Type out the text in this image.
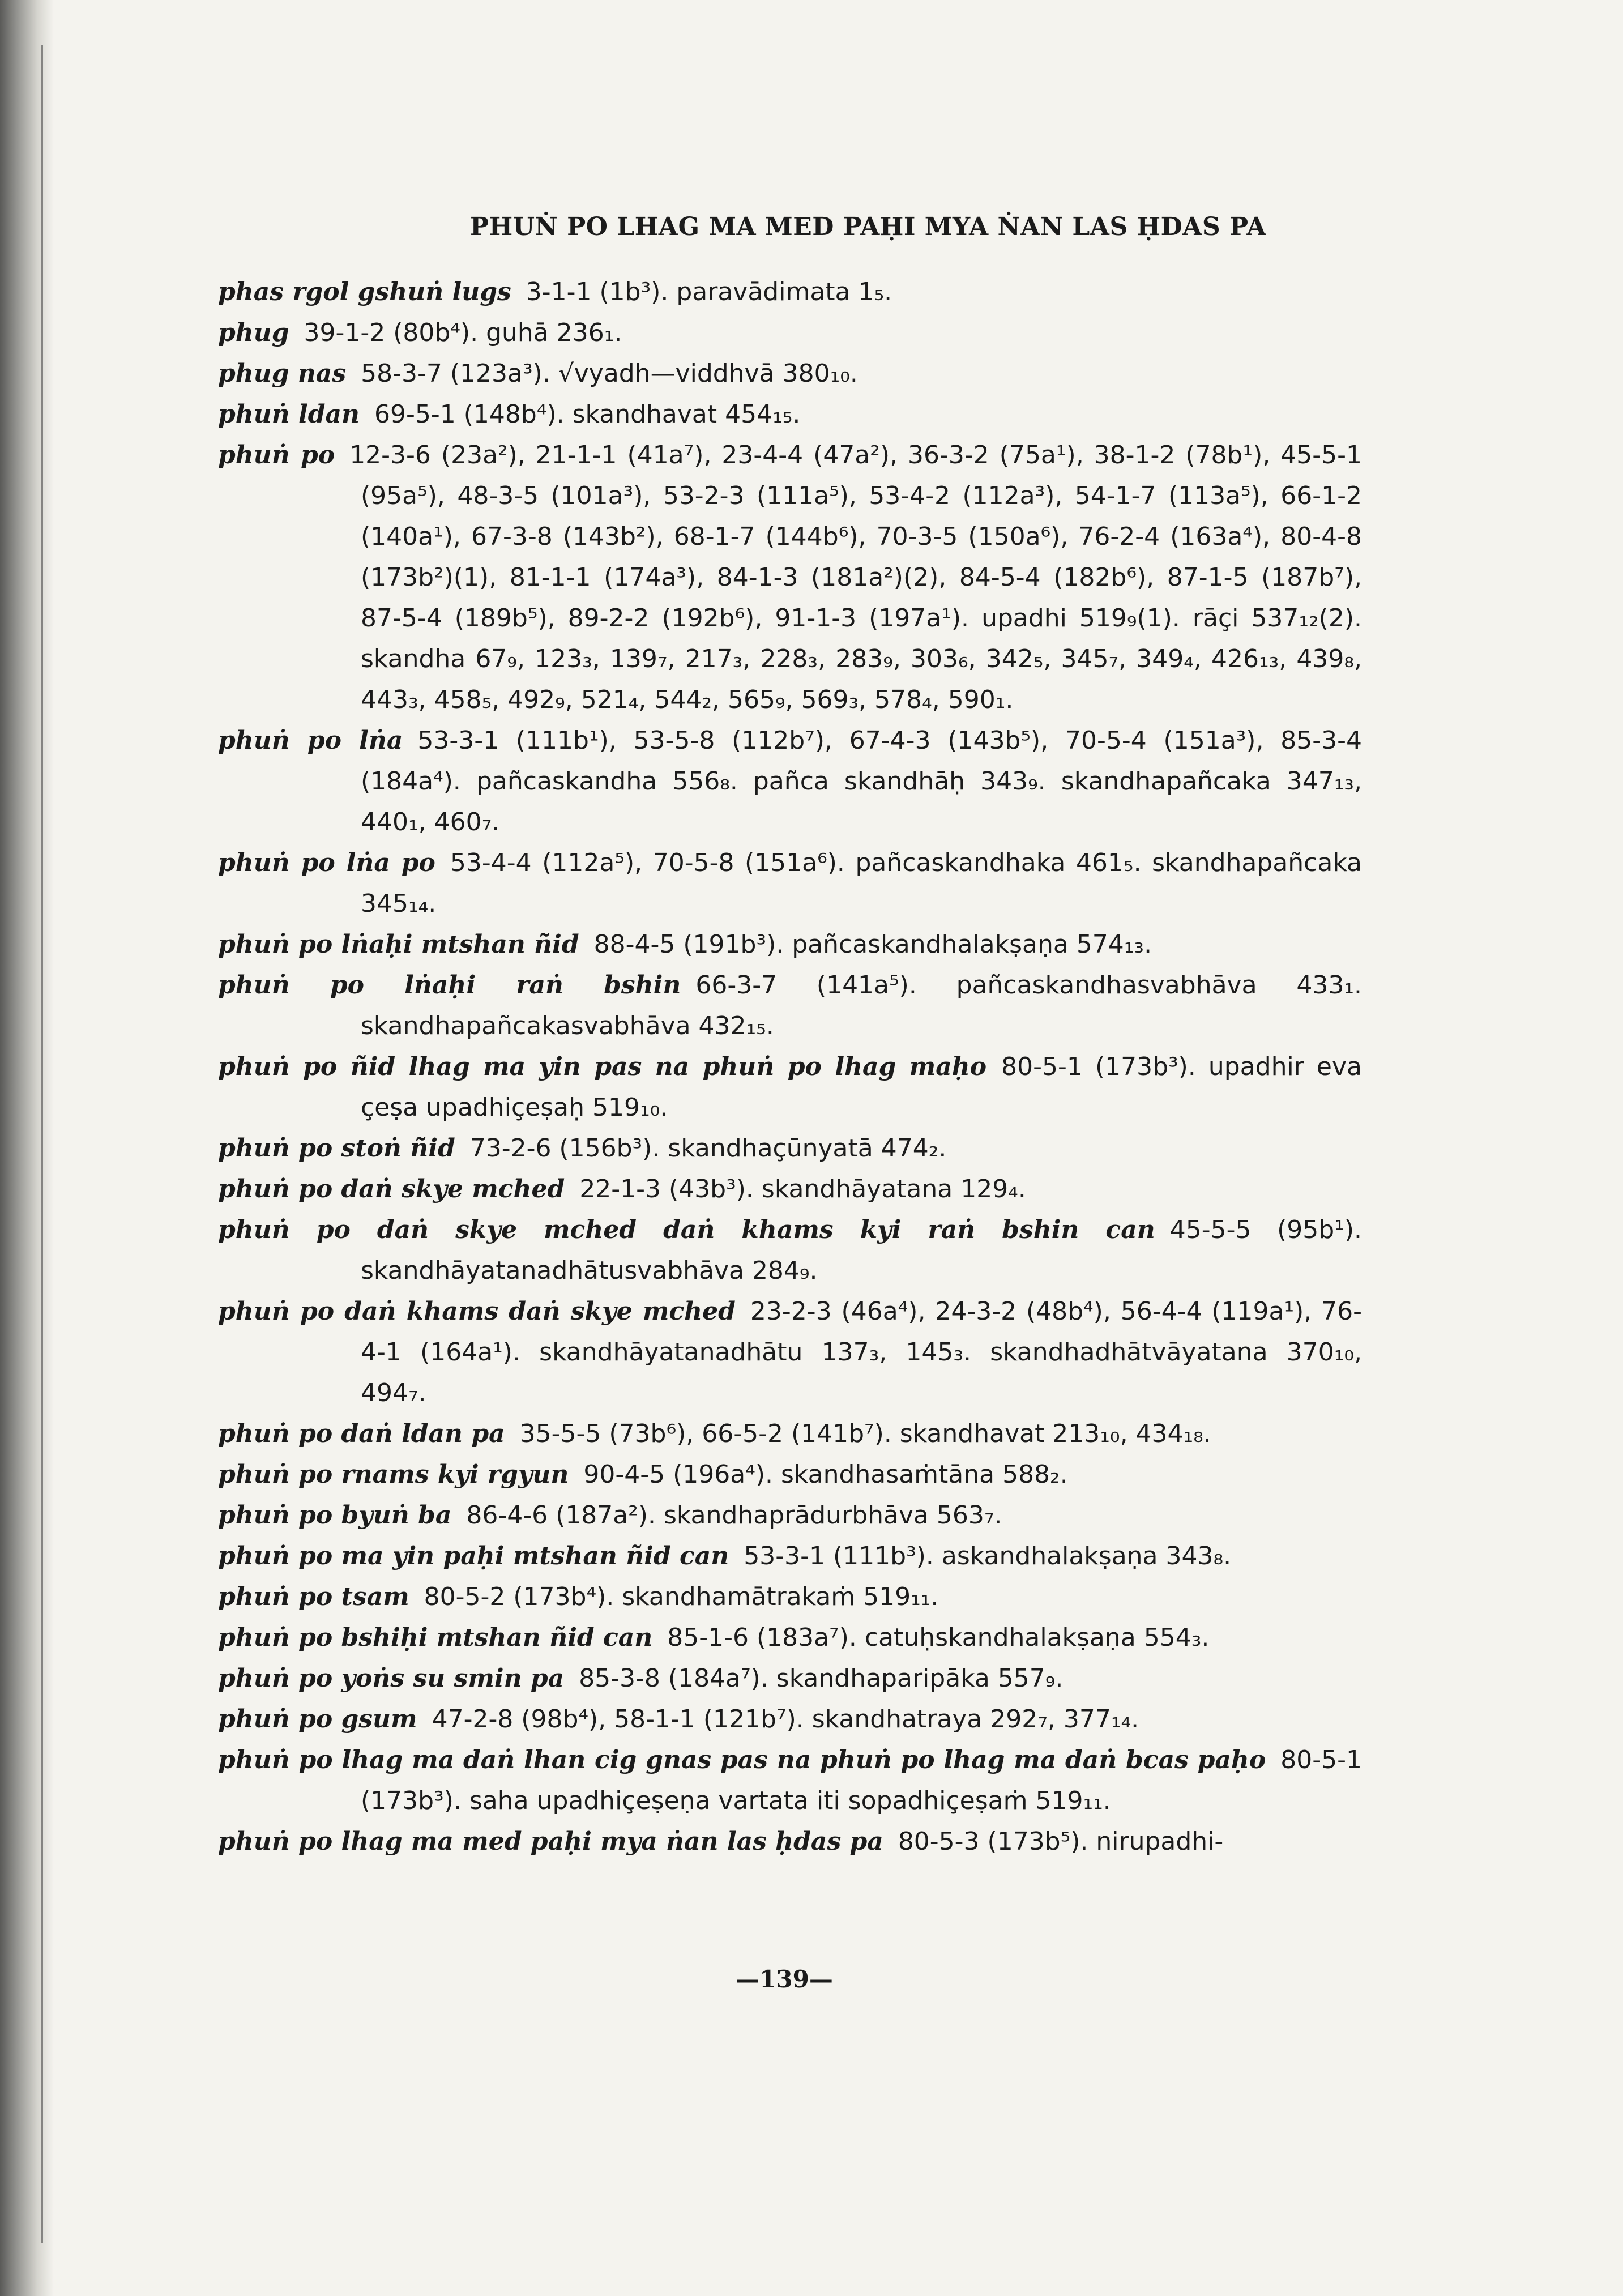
PHUṄ PO LHAG MA MED PAḤI MYA ṄAN LAS ḤDAS PA

phas rgol gshuṅ lugs 3-1-1 (1b³). paravādimata 1₅.

phug 39-1-2 (80b⁴). guhā 236₁.

phug nas 58-3-7 (123a³). √vyadh—viddhvā 380₁₀.

phuṅ ldan 69-5-1 (148b⁴). skandhavat 454₁₅.

phuṅ po 12-3-6 (23a²), 21-1-1 (41a⁷), 23-4-4 (47a²), 36-3-2 (75a¹), 38-1-2 (78b¹), 45-5-1 (95a⁵), 48-3-5 (101a³), 53-2-3 (111a⁵), 53-4-2 (112a³), 54-1-7 (113a⁵), 66-1-2 (140a¹), 67-3-8 (143b²), 68-1-7 (144b⁶), 70-3-5 (150a⁶), 76-2-4 (163a⁴), 80-4-8 (173b²)(1), 81-1-1 (174a³), 84-1-3 (181a²)(2), 84-5-4 (182b⁶), 87-1-5 (187b⁷), 87-5-4 (189b⁵), 89-2-2 (192b⁶), 91-1-3 (197a¹). upadhi 519₉(1). rāçi 537₁₂(2). skandha 67₉, 123₃, 139₇, 217₃, 228₃, 283₉, 303₆, 342₅, 345₇, 349₄, 426₁₃, 439₈, 443₃, 458₅, 492₉, 521₄, 544₂, 565₉, 569₃, 578₄, 590₁.

phuṅ po lṅa 53-3-1 (111b¹), 53-5-8 (112b⁷), 67-4-3 (143b⁵), 70-5-4 (151a³), 85-3-4 (184a⁴). pañcaskandha 556₈. pañca skandhāḥ 343₉. skandhapañcaka 347₁₃, 440₁, 460₇.

phuṅ po lṅa po 53-4-4 (112a⁵), 70-5-8 (151a⁶). pañcaskandhaka 461₅. skandhapañcaka 345₁₄.

phuṅ po lṅaḥi mtshan ñid 88-4-5 (191b³). pañcaskandhalakṣaṇa 574₁₃.

phuṅ po lṅaḥi raṅ bshin 66-3-7 (141a⁵). pañcaskandhasvabhāva 433₁. skandhapañcakasvabhāva 432₁₅.

phuṅ po ñid lhag ma yin pas na phuṅ po lhag maḥo 80-5-1 (173b³). upadhir eva çeṣa upadhiçeṣaḥ 519₁₀.

phuṅ po stoṅ ñid 73-2-6 (156b³). skandhaçūnyatā 474₂.

phuṅ po daṅ skye mched 22-1-3 (43b³). skandhāyatana 129₄.

phuṅ po daṅ skye mched daṅ khams kyi raṅ bshin can 45-5-5 (95b¹). skandhāyatanadhātusvabhāva 284₉.

phuṅ po daṅ khams daṅ skye mched 23-2-3 (46a⁴), 24-3-2 (48b⁴), 56-4-4 (119a¹), 76-4-1 (164a¹). skandhāyatanadhātu 137₃, 145₃. skandhadhātvāyatana 370₁₀, 494₇.

phuṅ po daṅ ldan pa 35-5-5 (73b⁶), 66-5-2 (141b⁷). skandhavat 213₁₀, 434₁₈.

phuṅ po rnams kyi rgyun 90-4-5 (196a⁴). skandhasaṁtāna 588₂.

phuṅ po byuṅ ba 86-4-6 (187a²). skandhaprādurbhāva 563₇.

phuṅ po ma yin paḥi mtshan ñid can 53-3-1 (111b³). askandhalakṣaṇa 343₈.

phuṅ po tsam 80-5-2 (173b⁴). skandhamātrakaṁ 519₁₁.

phuṅ po bshiḥi mtshan ñid can 85-1-6 (183a⁷). catuḥskandhalakṣaṇa 554₃.

phuṅ po yoṅs su smin pa 85-3-8 (184a⁷). skandhaparipāka 557₉.

phuṅ po gsum 47-2-8 (98b⁴), 58-1-1 (121b⁷). skandhatraya 292₇, 377₁₄.

phuṅ po lhag ma daṅ lhan cig gnas pas na phuṅ po lhag ma daṅ bcas paḥo 80-5-1 (173b³). saha upadhiçeṣeṇa vartata iti sopadhiçeṣaṁ 519₁₁.

phuṅ po lhag ma med paḥi mya ṅan las ḥdas pa 80-5-3 (173b⁵). nirupadhi-

—139—
